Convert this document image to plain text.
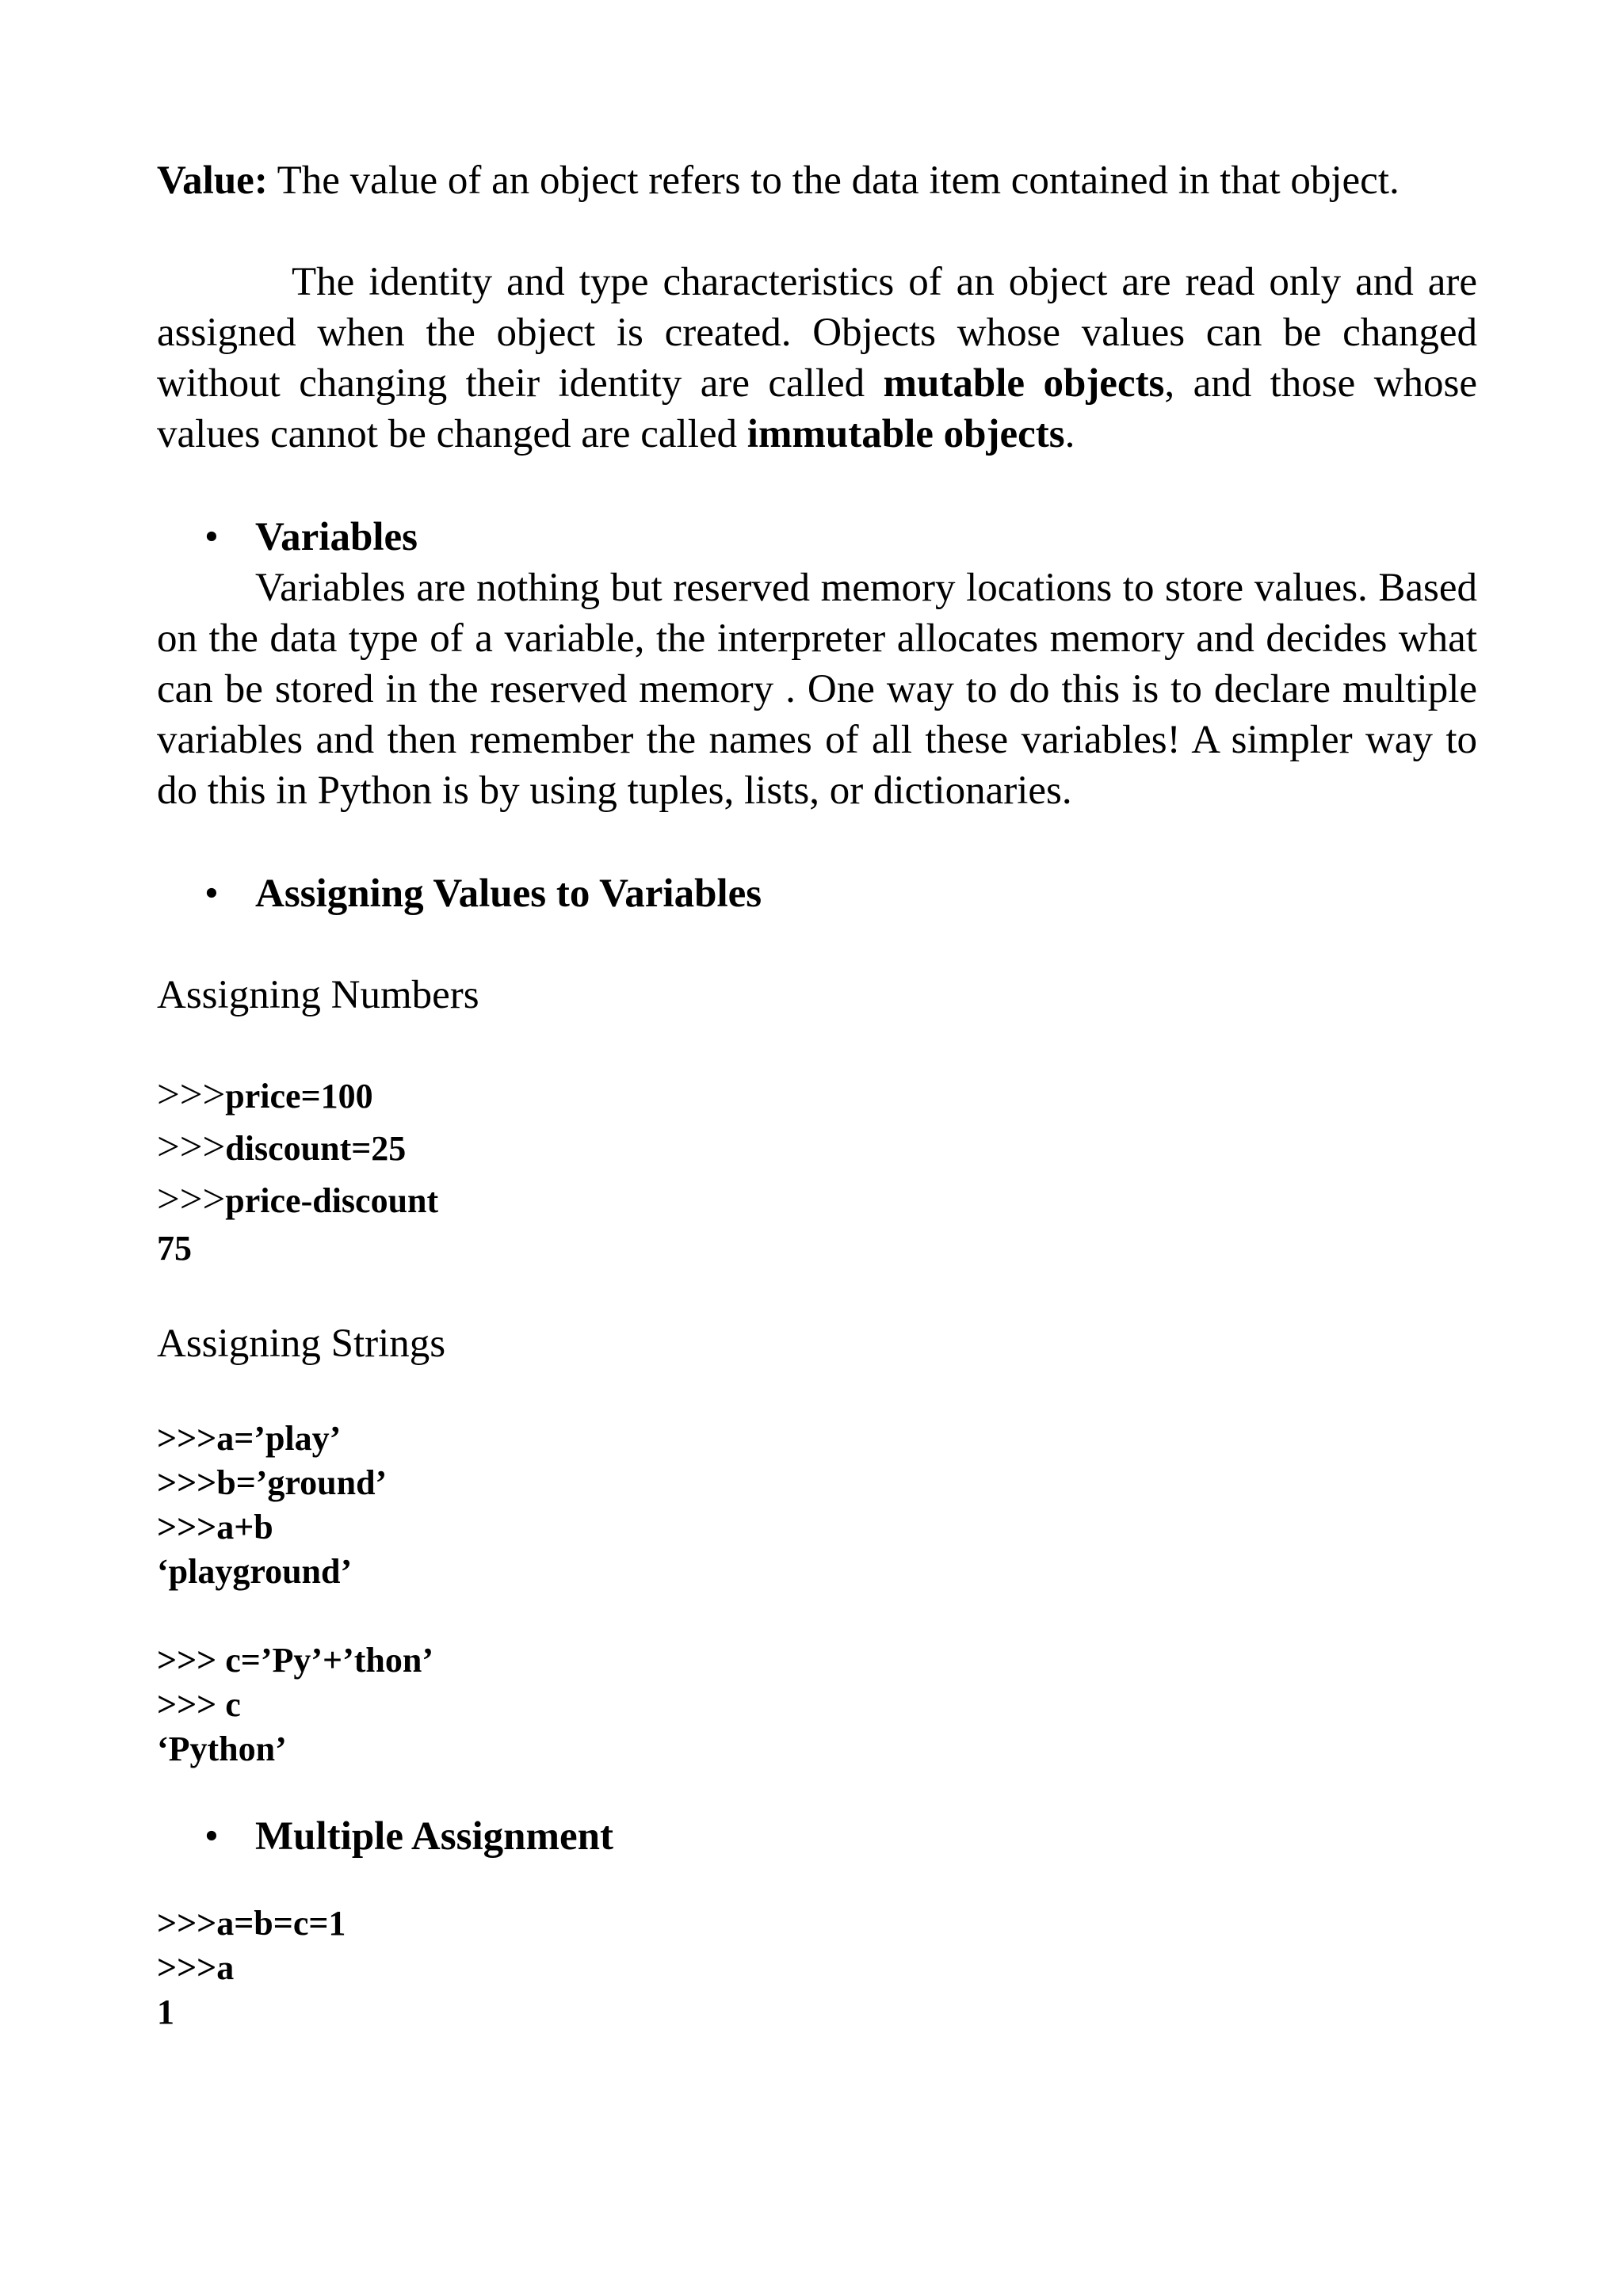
Value: The value of an object refers to the data item contained in that object.

The identity and type characteristics of an object are read only and are assigned when the object is created. Objects whose values can be changed without changing their identity are called mutable objects, and those whose values cannot be changed are called immutable objects.

• Variables

Variables are nothing but reserved memory locations to store values. Based on the data type of a variable, the interpreter allocates memory and decides what can be stored in the reserved memory . One way to do this is to declare multiple variables and then remember the names of all these variables! A simpler way to do this in Python is by using tuples, lists, or dictionaries.

• Assigning Values to Variables

Assigning Numbers

>>>price=100

>>>discount=25

>>>price-discount

75

Assigning Strings

>>>a=’play’

>>>b=’ground’

>>>a+b

‘playground’

>>> c=’Py’+’thon’

>>> c

‘Python’

• Multiple Assignment

>>>a=b=c=1

>>>a

1
